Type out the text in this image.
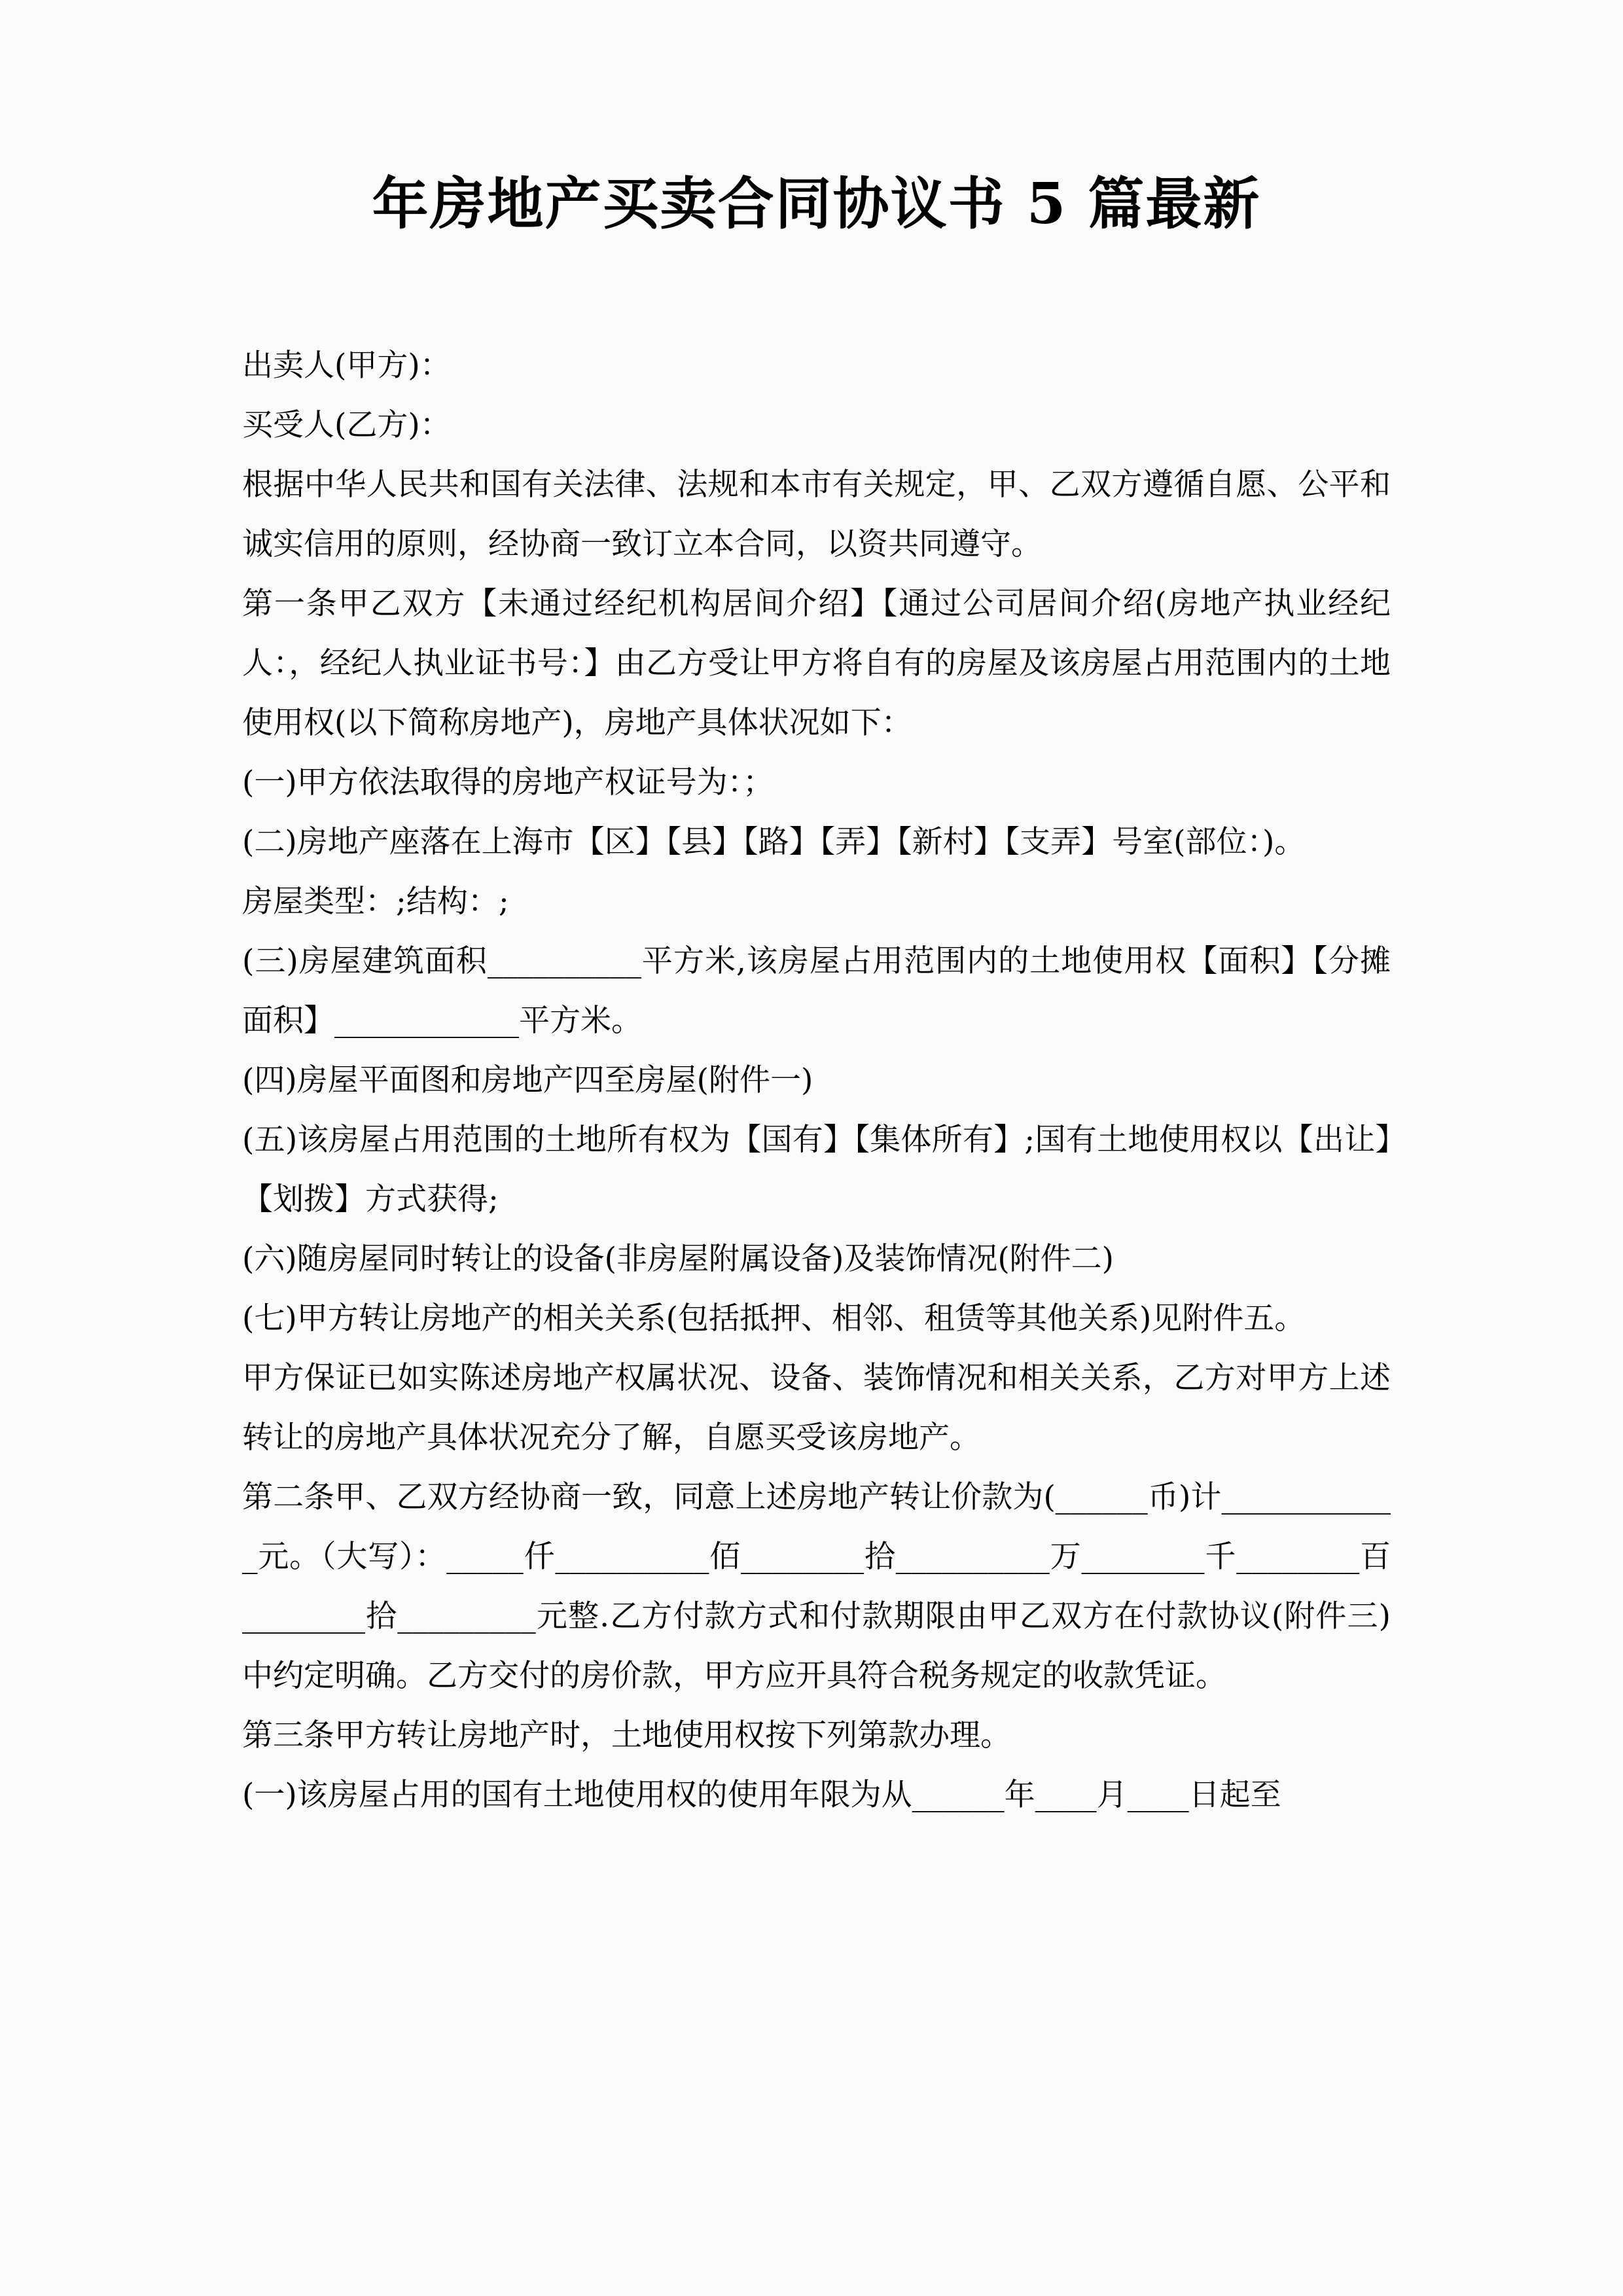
年房地产买卖合同协议书 5 篇最新

出卖人(甲方)：

买受人(乙方)：

根据中华人民共和国有关法律、法规和本市有关规定，甲、乙双方遵循自愿、公平和诚实信用的原则，经协商一致订立本合同，以资共同遵守。

第一条甲乙双方【未通过经纪机构居间介绍】【通过公司居间介绍(房地产执业经纪人：，经纪人执业证书号：】由乙方受让甲方将自有的房屋及该房屋占用范围内的土地使用权(以下简称房地产)，房地产具体状况如下：

(一)甲方依法取得的房地产权证号为：；

(二)房地产座落在上海市【区】【县】【路】【弄】【新村】【支弄】号室(部位：)。

房屋类型：;结构：;

(三)房屋建筑面积__________平方米,该房屋占用范围内的土地使用权【面积】【分摊面积】____________平方米。

(四)房屋平面图和房地产四至房屋(附件一)

(五)该房屋占用范围的土地所有权为【国有】【集体所有】;国有土地使用权以【出让】【划拨】方式获得;

(六)随房屋同时转让的设备(非房屋附属设备)及装饰情况(附件二)

(七)甲方转让房地产的相关关系(包括抵押、相邻、租赁等其他关系)见附件五。

甲方保证已如实陈述房地产权属状况、设备、装饰情况和相关关系，乙方对甲方上述转让的房地产具体状况充分了解，自愿买受该房地产。

第二条甲、乙双方经协商一致，同意上述房地产转让价款为(______币)计____________元。（大写）：_____仟__________佰________拾__________万________千________百________拾_________元整.乙方付款方式和付款期限由甲乙双方在付款协议(附件三)中约定明确。乙方交付的房价款，甲方应开具符合税务规定的收款凭证。

第三条甲方转让房地产时，土地使用权按下列第款办理。

(一)该房屋占用的国有土地使用权的使用年限为从______年____月____日起至
